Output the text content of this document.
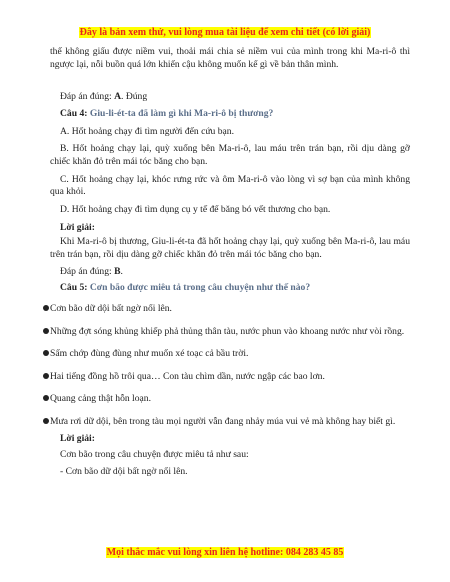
Đây là bản xem thử, vui lòng mua tài liệu để xem chi tiết (có lời giải)

thế không giấu được niềm vui, thoải mái chia sẻ niềm vui của mình trong khi Ma-ri-ô thì ngược lại, nỗi buồn quá lớn khiến cậu không muốn kể gì về bản thân mình.

Đáp án đúng: A. Đúng

Câu 4: Giu-li-ét-ta đã làm gì khi Ma-ri-ô bị thương?

A. Hốt hoảng chạy đi tìm người đến cứu bạn.

B. Hốt hoảng chạy lại, quỳ xuống bên Ma-ri-ô, lau máu trên trán bạn, rồi dịu dàng gỡ chiếc khăn đỏ trên mái tóc băng cho bạn.

C. Hốt hoảng chạy lại, khóc rưng rức và ôm Ma-ri-ô vào lòng vì sợ bạn của mình không qua khỏi.

D. Hốt hoảng chạy đi tìm dụng cụ y tế để băng bó vết thương cho bạn.

Lời giải:

Khi Ma-ri-ô bị thương, Giu-li-ét-ta đã hốt hoảng chạy lại, quỳ xuống bên Ma-ri-ô, lau máu trên trán bạn, rồi dịu dàng gỡ chiếc khăn đỏ trên mái tóc băng cho bạn.

Đáp án đúng: B.

Câu 5: Cơn bão được miêu tả trong câu chuyện như thế nào?

Cơn bão dữ dội bất ngờ nổi lên.

Những đợt sóng khủng khiếp phả thủng thân tàu, nước phun vào khoang nước như vòi rồng.

Sấm chớp đùng đùng như muốn xé toạc cả bầu trời.

Hai tiếng đồng hồ trôi qua… Con tàu chìm dần, nước ngập các bao lơn.

Quang cảng thật hỗn loạn.

Mưa rơi dữ dội, bên trong tàu mọi người vẫn đang nhảy múa vui vẻ mà không hay biết gì.

Lời giải:

Cơn bão trong câu chuyện được miêu tả như sau:

- Cơn bão dữ dội bất ngờ nổi lên.

Mọi thắc mắc vui lòng xin liên hệ hotline: 084 283 45 85
